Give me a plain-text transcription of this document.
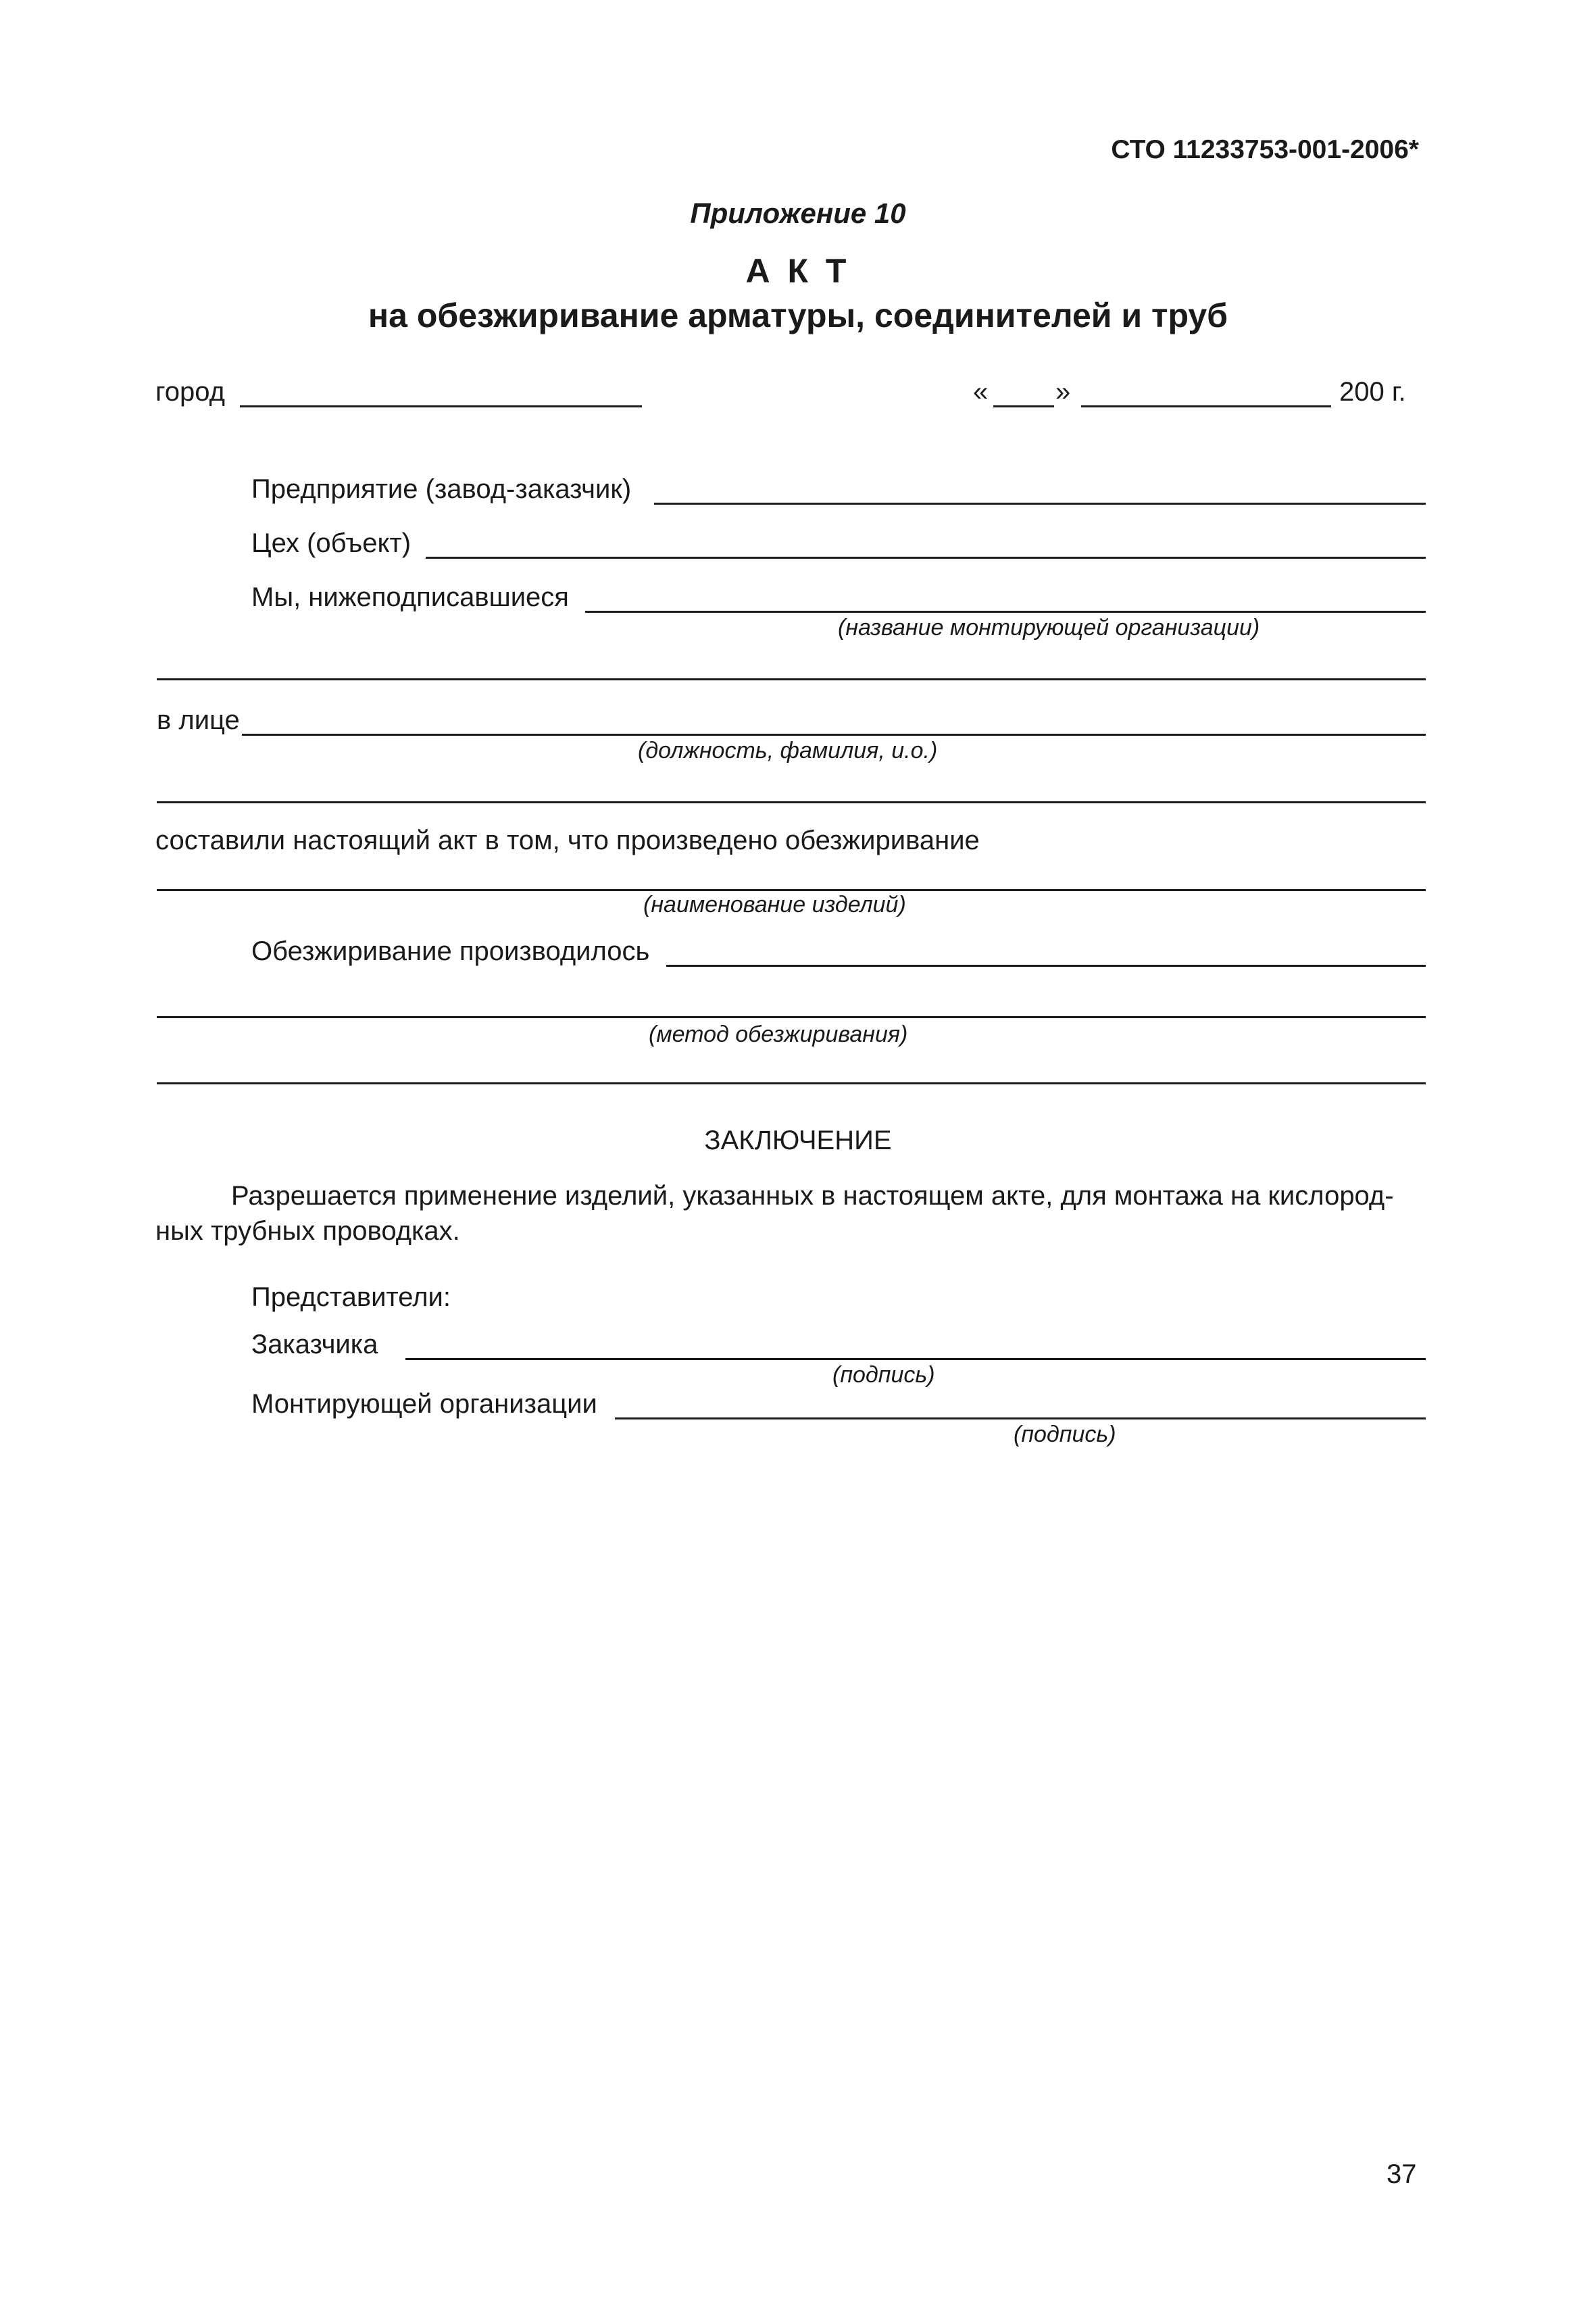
СТО 11233753-001-2006*
Приложение 10
А К Т
на обезжиривание арматуры, соединителей и труб
город	« »	200 г.
Предприятие (завод-заказчик)
Цех (объект)
Мы, нижеподписавшиеся
(название монтирующей организации)
в лице
(должность, фамилия, и.о.)
составили настоящий акт в том, что произведено обезжиривание
(наименование изделий)
Обезжиривание производилось
(метод обезжиривания)
ЗАКЛЮЧЕНИЕ
Разрешается применение изделий, указанных в настоящем акте, для монтажа на кислород-
ных трубных проводках.
Представители:
Заказчика
(подпись)
Монтирующей организации
(подпись)
37
